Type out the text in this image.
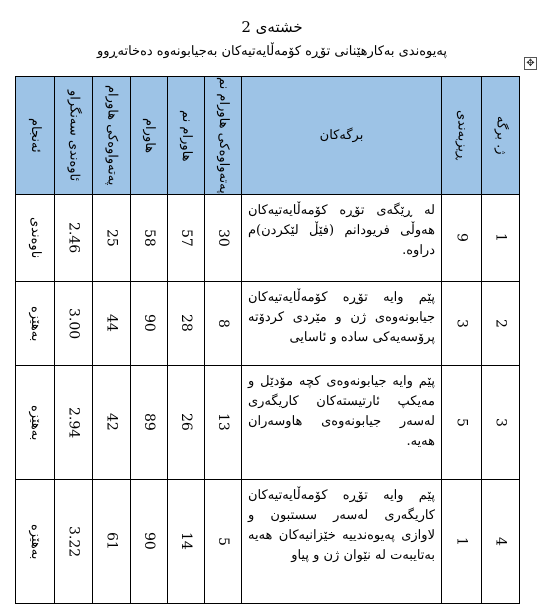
خشتەی 2
پەیوەندی بەکارهێنانی تۆڕە کۆمەڵایەتیەکان بەجیابونەوە دەخاتەڕوو
✥
ئەنجام	ئاوەندی سەنگراو	پەتەواوەکی ھاورام	ھاورام	ھاورام نم	پەتەواوەکی ھاورام نم	برگەکان	ڕیزبەندی	ژ. برگە

ناوەندی	2.46	25	58	57	30	لە ڕێگەی تۆڕە کۆمەڵایەتیەکان هەوڵی فریودانم (فێڵ لێکردن)م دراوە.	9	1

بەهێزە	3.00	44	90	28	8	پێم وایە تۆڕە کۆمەڵایەتیەکان جیابونەوەی ژن و مێردی کردۆتە پرۆسەیەکی سادە و ئاسایی	3	2

بەهێزە	2.94	42	89	26	13	پێم وایە جیابونەوەی کچە مۆدێل و مەیکپ ئارتیستەکان کاریگەری لەسەر جیابونەوەی هاوسەران هەیە.	5	3

بەهێزە	3.22	61	90	14	5	پێم وایە تۆڕە کۆمەڵایەتیەکان کاریگەری لەسەر سستبون و لاوازی پەیوەندییە خێزانیەکان هەیە بەتایبەت لە نێوان ژن و پیاو	1	4
